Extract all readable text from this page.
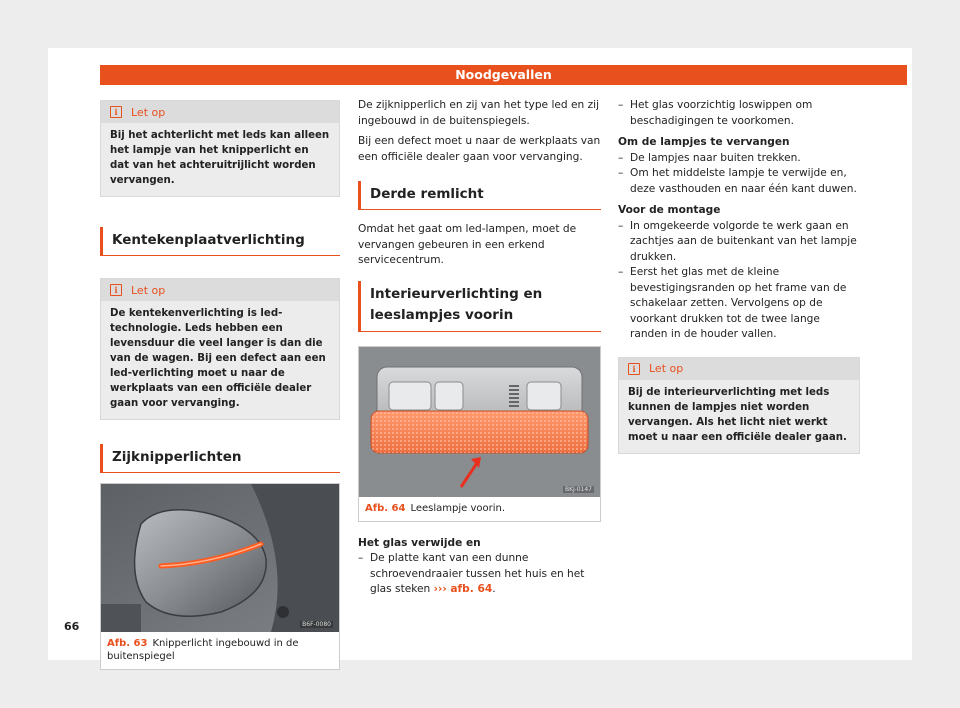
Noodgevallen
i	Let op
Bij het achterlicht met leds kan alleen het lampje van het knipperlicht en dat van het achteruitrijlicht worden vervangen.
Kentekenplaatverlichting
i	Let op
De kentekenverlichting is led-technologie. Leds hebben een levensduur die veel langer is dan die van de wagen. Bij een defect aan een led-verlichting moet u naar de werkplaats van een officiële dealer gaan voor vervanging.
Zijknipperlichten
B6F-0080
Afb. 63 Knipperlicht ingebouwd in de buitenspiegel

De zijknipperlich en zij van het type led en zij ingebouwd in de buitenspiegels.

Bij een defect moet u naar de werkplaats van een officiële dealer gaan voor vervanging.

Derde remlicht

Omdat het gaat om led-lampen, moet de vervangen gebeuren in een erkend servicecentrum.

Interieurverlichting en leeslampjes voorin
BKJ-0147
Afb. 64 Leeslampje voorin.

Het glas verwijde en

– De platte kant van een dunne schroevendraaier tussen het huis en het glas steken ››› afb. 64.
– Het glas voorzichtig loswippen om beschadigingen te voorkomen.

Om de lampjes te vervangen

– De lampjes naar buiten trekken.
– Om het middelste lampje te verwijde en, deze vasthouden en naar één kant duwen.

Voor de montage

– In omgekeerde volgorde te werk gaan en zachtjes aan de buitenkant van het lampje drukken.
– Eerst het glas met de kleine bevestigingsranden op het frame van de schakelaar zetten. Vervolgens op de voorkant drukken tot de twee lange randen in de houder vallen.
i	Let op
Bij de interieurverlichting met leds kunnen de lampjes niet worden vervangen. Als het licht niet werkt moet u naar een officiële dealer gaan.
66
